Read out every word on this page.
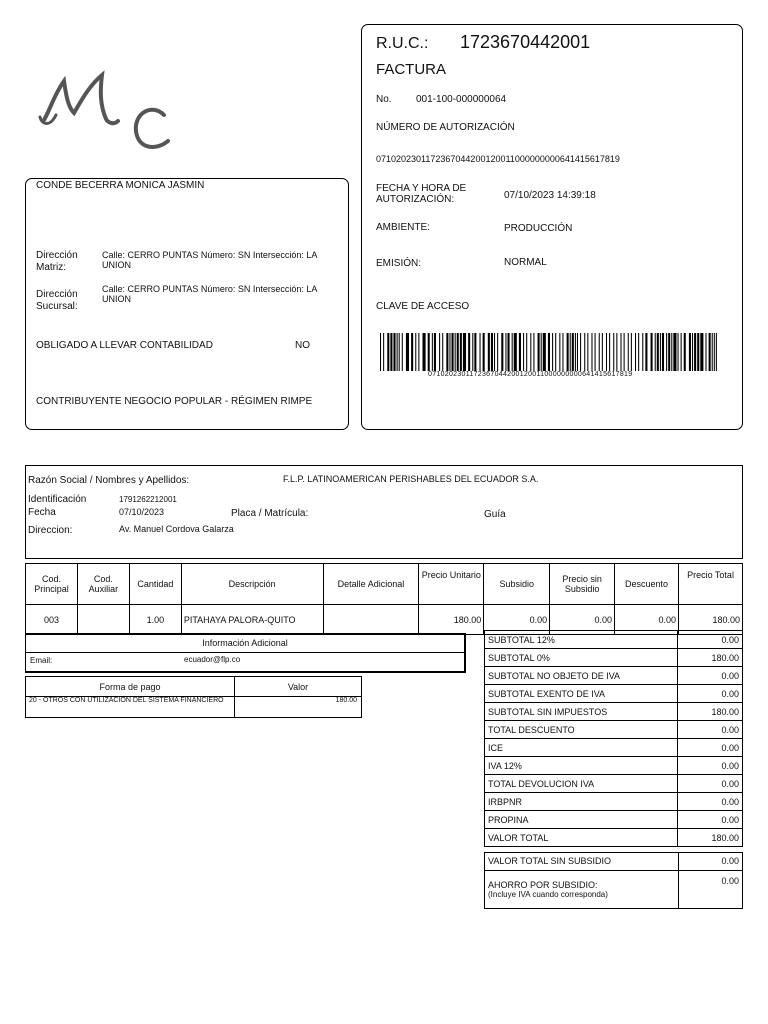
R.U.C.: 1723670442001
FACTURA
No. 001-100-000000064
NÚMERO DE AUTORIZACIÓN
0710202301172367044200120011000000000641415617819
FECHA Y HORA DE AUTORIZACIÓN:	07/10/2023 14:39:18
AMBIENTE:	PRODUCCIÓN
EMISIÓN:	NORMAL
CLAVE DE ACCESO
0710202301172367044200120011000000000641415617819
CONDE BECERRA MONICA JASMIN
Dirección Matriz:
Calle: CERRO PUNTAS Número: SN Intersección: LA UNION
Dirección Sucursal:
Calle: CERRO PUNTAS Número: SN Intersección: LA UNION
OBLIGADO A LLEVAR CONTABILIDAD	NO
CONTRIBUYENTE NEGOCIO POPULAR - RÉGIMEN RIMPE
Razón Social / Nombres y Apellidos:	F.L.P. LATINOAMERICAN PERISHABLES DEL ECUADOR S.A.
Identificación	1791262212001
Fecha	07/10/2023	Placa / Matrícula:	Guía
Direccion:	Av. Manuel Cordova Galarza
Cod. Principal	Cod. Auxiliar	Cantidad	Descripción	Detalle Adicional	Precio Unitario	Subsidio	Precio sin Subsidio	Descuento	Precio Total
003		1.00	PITAHAYA PALORA-QUITO		180.00	0.00	0.00	0.00	180.00
Información Adicional
Email:	ecuador@flp.co
Forma de pago	Valor
20 - OTROS CON UTILIZACION DEL SISTEMA FINANCIERO	180.00
SUBTOTAL 12%	0.00
SUBTOTAL 0%	180.00
SUBTOTAL NO OBJETO DE IVA	0.00
SUBTOTAL EXENTO DE IVA	0.00
SUBTOTAL SIN IMPUESTOS	180.00
TOTAL DESCUENTO	0.00
ICE	0.00
IVA 12%	0.00
TOTAL DEVOLUCION IVA	0.00
IRBPNR	0.00
PROPINA	0.00
VALOR TOTAL	180.00
VALOR TOTAL SIN SUBSIDIO	0.00
AHORRO POR SUBSIDIO:
(Incluye IVA cuando corresponda)
0.00
